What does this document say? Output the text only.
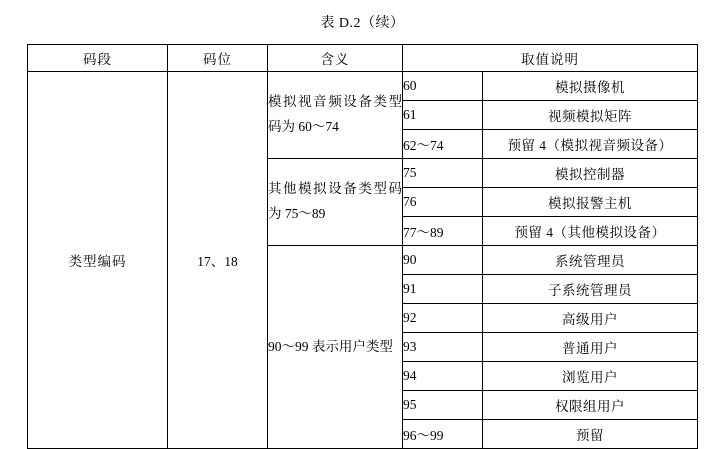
表 D.2（续）
码段	码位	含义	取值说明	
类型编码	17、18	模拟视音频设备类型码为 60～74	60	模拟摄像机
			61	视频模拟矩阵
			62～74	预留 4（模拟视音频设备）
		其他模拟设备类型码为 75～89	75	模拟控制器
			76	模拟报警主机
			77～89	预留 4（其他模拟设备）
		90～99 表示用户类型	90	系统管理员
			91	子系统管理员
			92	高级用户
			93	普通用户
			94	浏览用户
			95	权限组用户
			96～99	预留
